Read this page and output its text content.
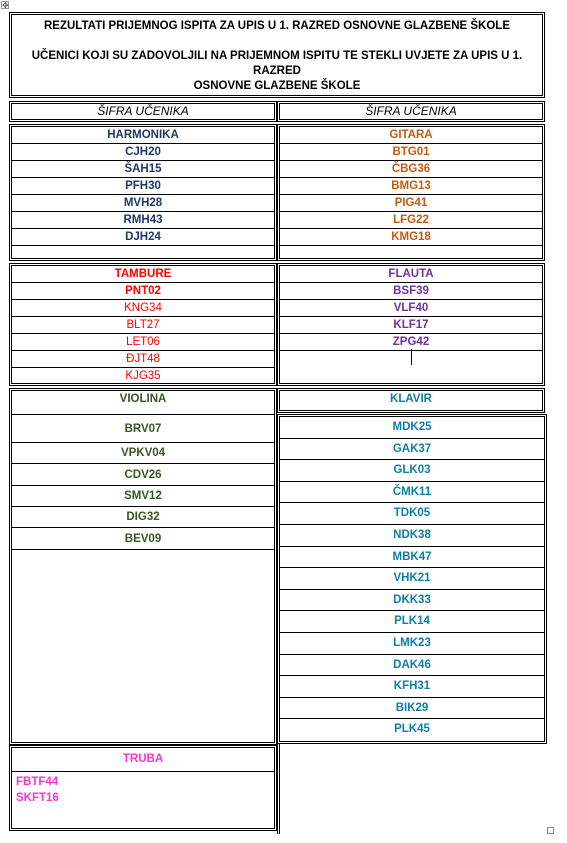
✥

REZULTATI PRIJEMNOG ISPITA ZA UPIS U 1. RAZRED OSNOVNE GLAZBENE ŠKOLE

UČENICI KOJI SU ZADOVOLJILI NA PRIJEMNOM ISPITU TE STEKLI UVJETE ZA UPIS U 1. RAZRED

OSNOVNE GLAZBENE ŠKOLE

ŠIFRA UČENIKA	ŠIFRA UČENIKA
HARMONIKA
CJH20
ŠAH15
PFH30
MVH28
RMH43
DJH24
GITARA
BTG01
ČBG36
BMG13
PIG41
LFG22
KMG18
TAMBURE
PNT02
KNG34
BLT27
LET06
ĐJT48
KJG35
FLAUTA
BSF39
VLF40
KLF17
ZPG42
VIOLINA
BRV07
VPKV04
CDV26
SMV12
DIG32
BEV09
KLAVIR
MDK25
GAK37
GLK03
ČMK11
TDK05
NDK38
MBK47
VHK21
DKK33
PLK14
LMK23
DAK46
KFH31
BIK29
PLK45
TRUBA
FBTF44
SKFT16
